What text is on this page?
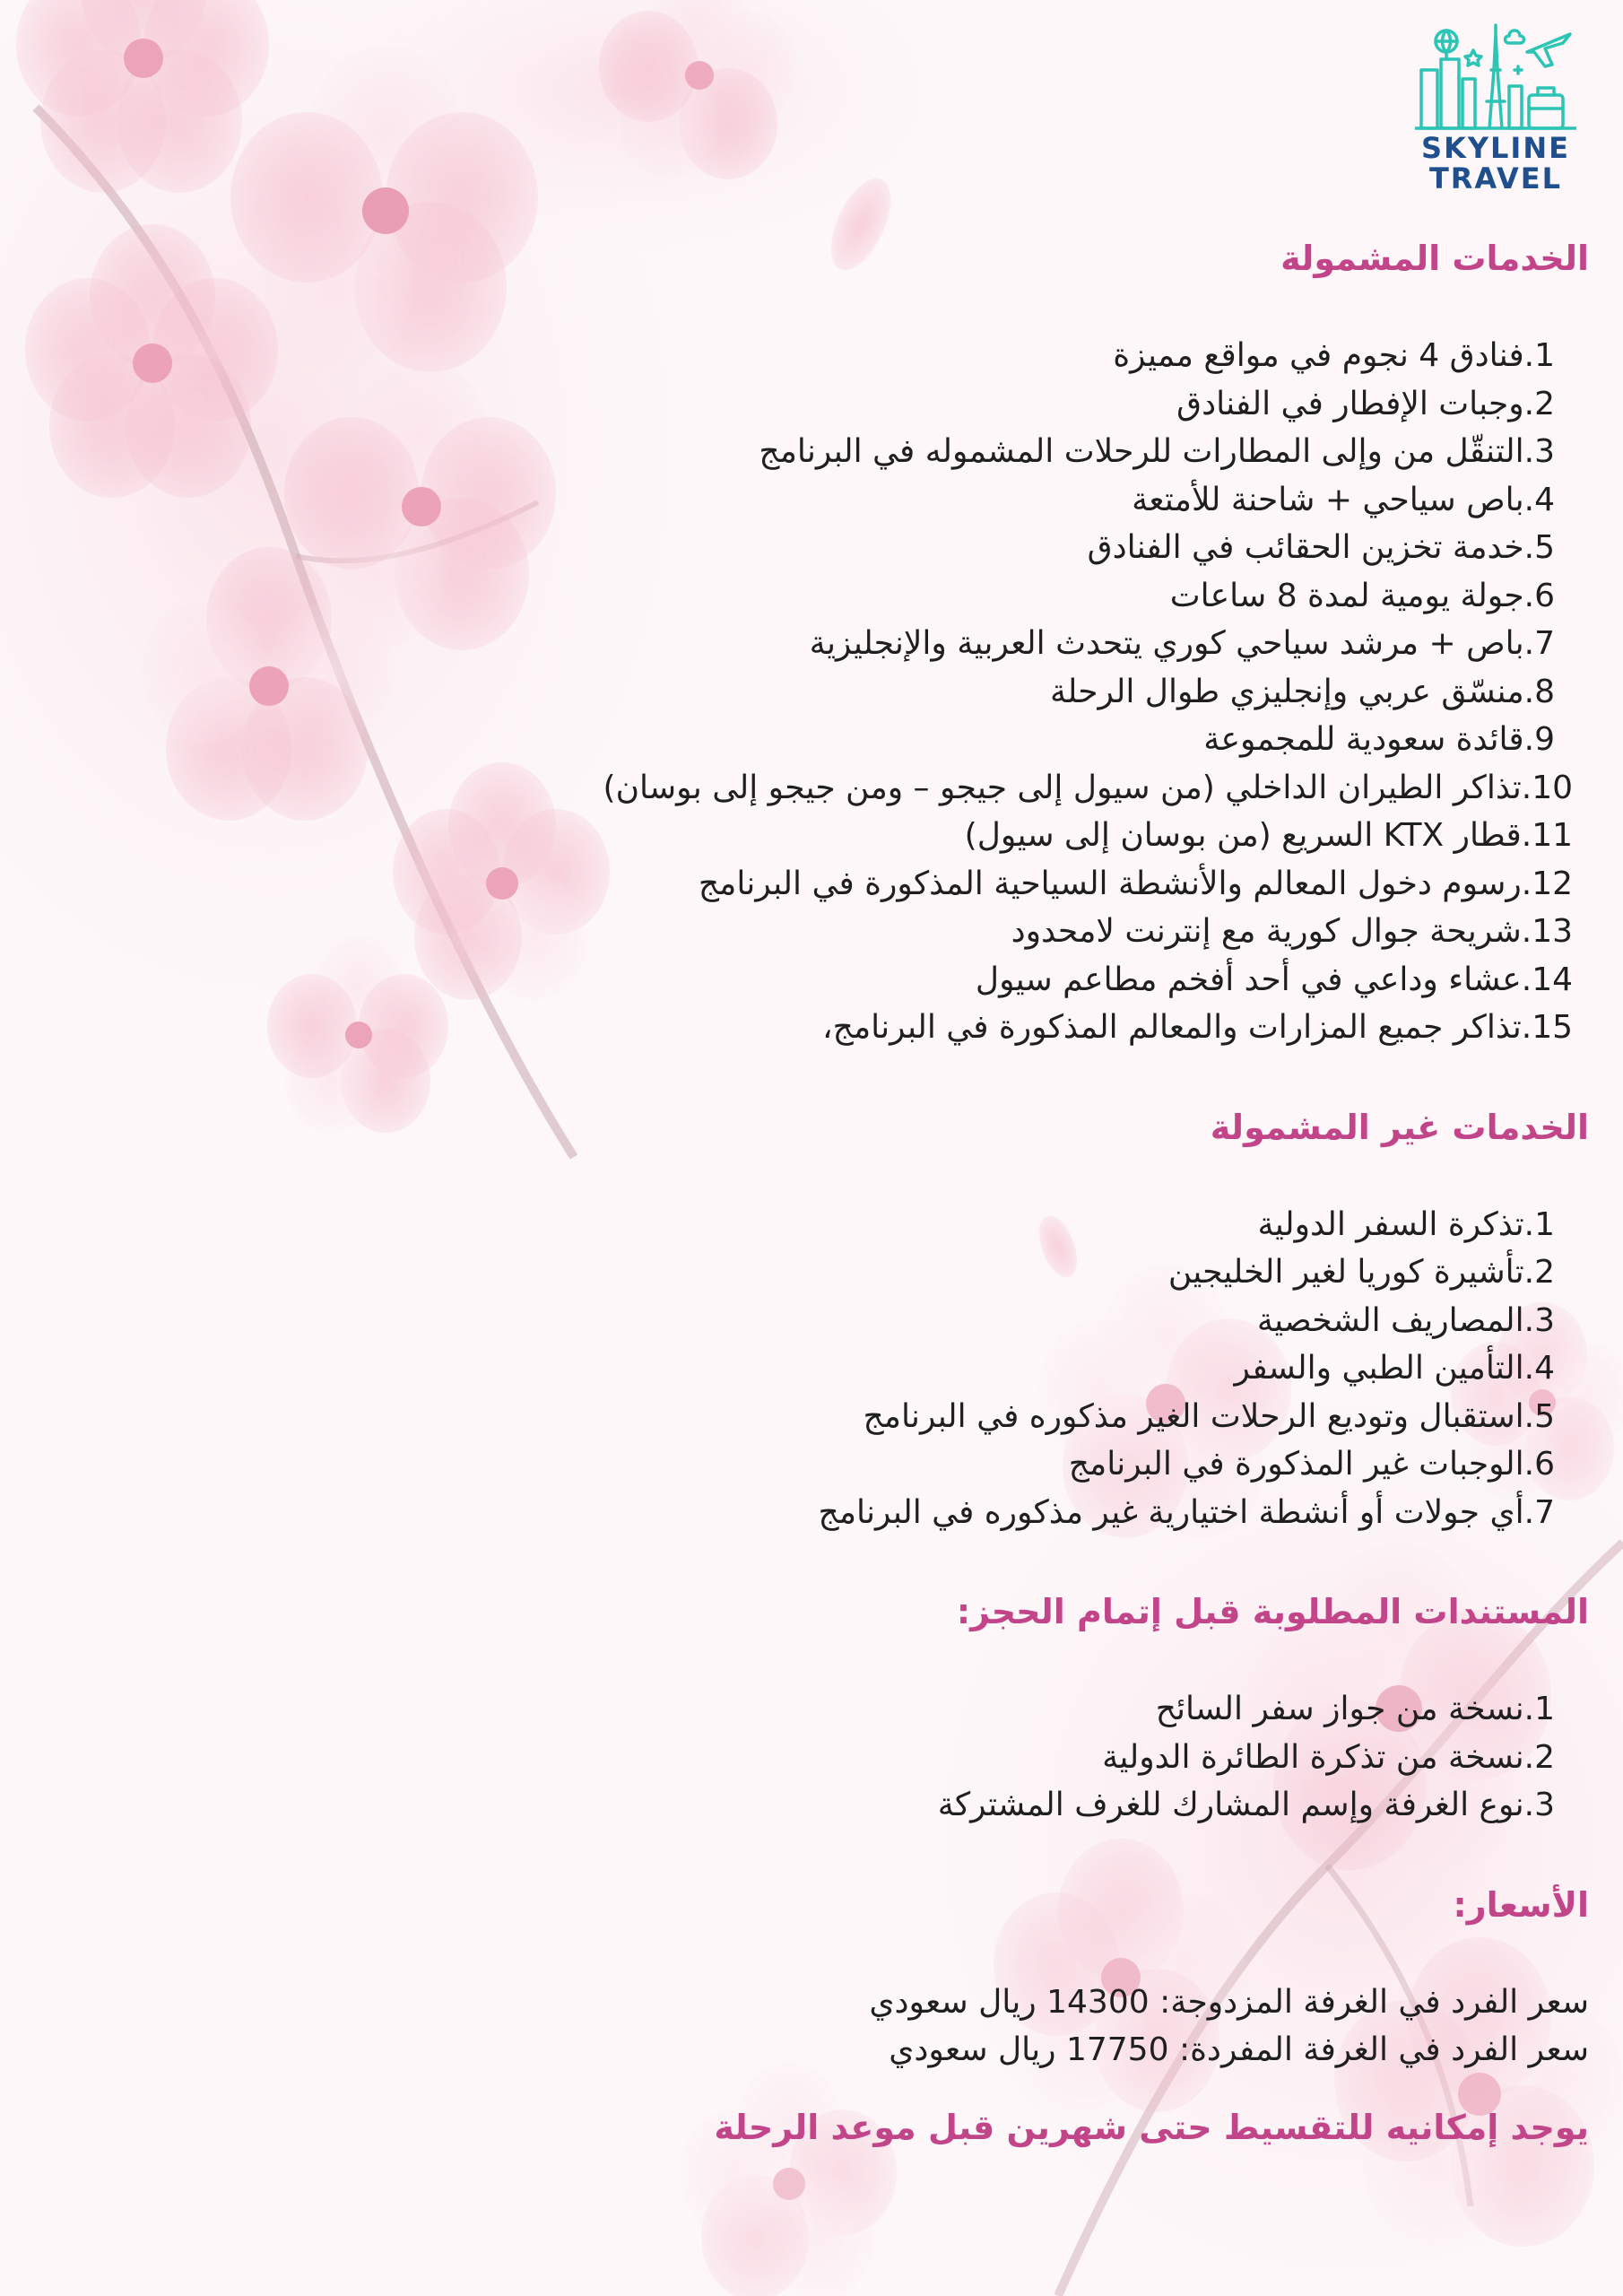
SKYLINE
TRAVEL
الخدمات المشمولة
1.فنادق 4 نجوم في مواقع مميزة
2.وجبات الإفطار في الفنادق
3.التنقّل من وإلى المطارات للرحلات المشموله في البرنامج
4.باص سياحي + شاحنة للأمتعة
5.خدمة تخزين الحقائب في الفنادق
6.جولة يومية لمدة 8 ساعات
7.باص + مرشد سياحي كوري يتحدث العربية والإنجليزية
8.منسّق عربي وإنجليزي طوال الرحلة
9.قائدة سعودية للمجموعة
10.تذاكر الطيران الداخلي (من سيول إلى جيجو – ومن جيجو إلى بوسان)
11.قطار KTX السريع (من بوسان إلى سيول)
12.رسوم دخول المعالم والأنشطة السياحية المذكورة في البرنامج
13.شريحة جوال كورية مع إنترنت لامحدود
14.عشاء وداعي في أحد أفخم مطاعم سيول
15.تذاكر جميع المزارات والمعالم المذكورة في البرنامج،
الخدمات غير المشمولة
1.تذكرة السفر الدولية
2.تأشيرة كوريا لغير الخليجين
3.المصاريف الشخصية
4.التأمين الطبي والسفر
5.استقبال وتوديع الرحلات الغير مذكوره في البرنامج
6.الوجبات غير المذكورة في البرنامج
7.أي جولات أو أنشطة اختيارية غير مذكوره في البرنامج
المستندات المطلوبة قبل إتمام الحجز:
1.نسخة من جواز سفر السائح
2.نسخة من تذكرة الطائرة الدولية
3.نوع الغرفة وإسم المشارك للغرف المشتركة
الأسعار:
سعر الفرد في الغرفة المزدوجة: 14300 ريال سعودي
سعر الفرد في الغرفة المفردة: 17750 ريال سعودي
يوجد إمكانيه للتقسيط حتى شهرين قبل موعد الرحلة
